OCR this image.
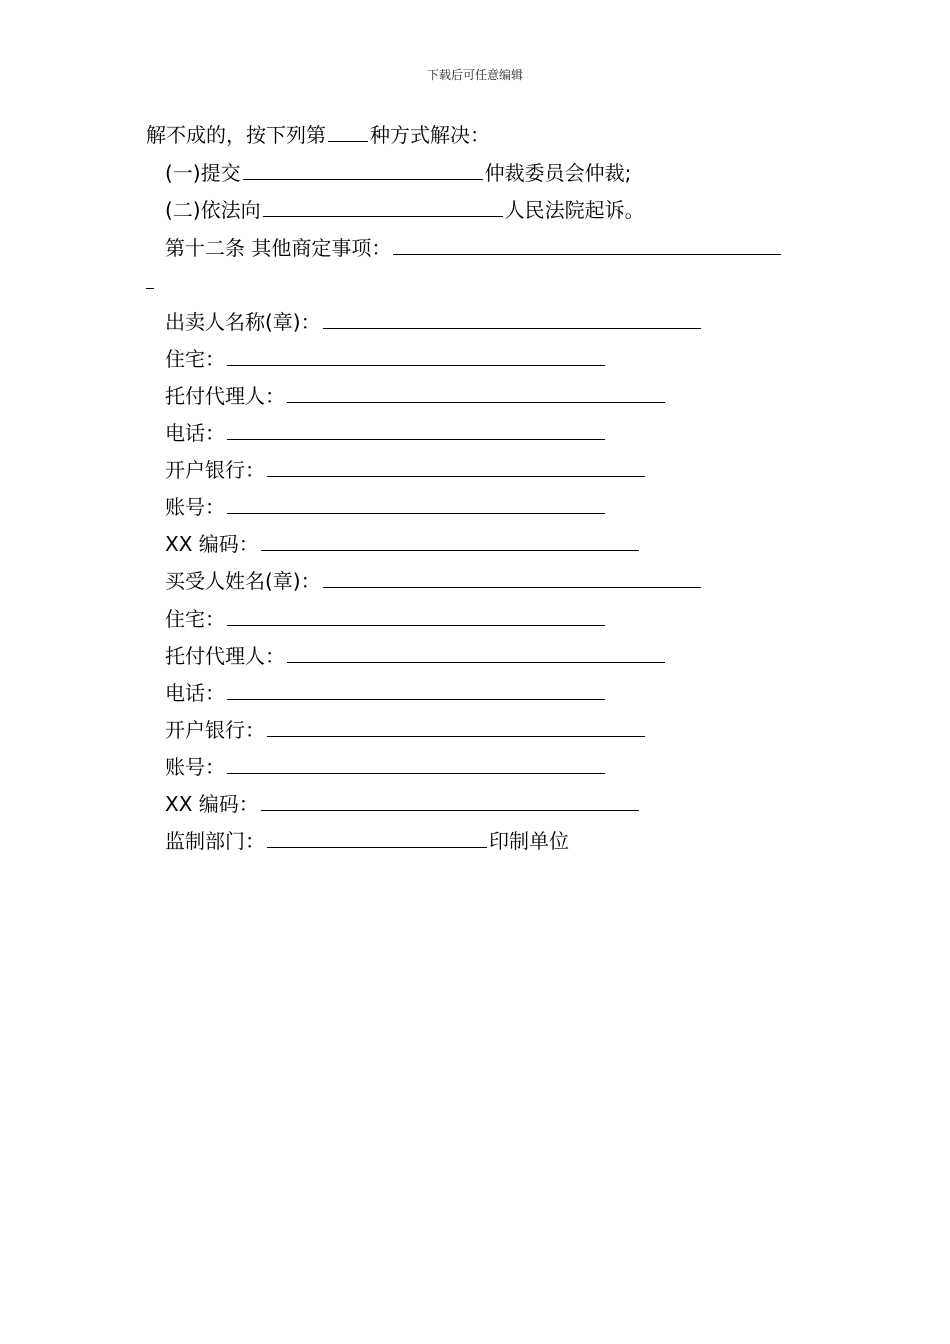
下载后可任意编辑
解不成的，按下列第 种方式解决：
(一)提交	仲裁委员会仲裁;
(二)依法向	人民法院起诉。
第十二条 其他商定事项：
出卖人名称(章)：
住宅：
托付代理人：
电话：
开户银行：
账号：
XX 编码：
买受人姓名(章)：
住宅：
托付代理人：
电话：
开户银行：
账号：
XX 编码：
监制部门：	印制单位
